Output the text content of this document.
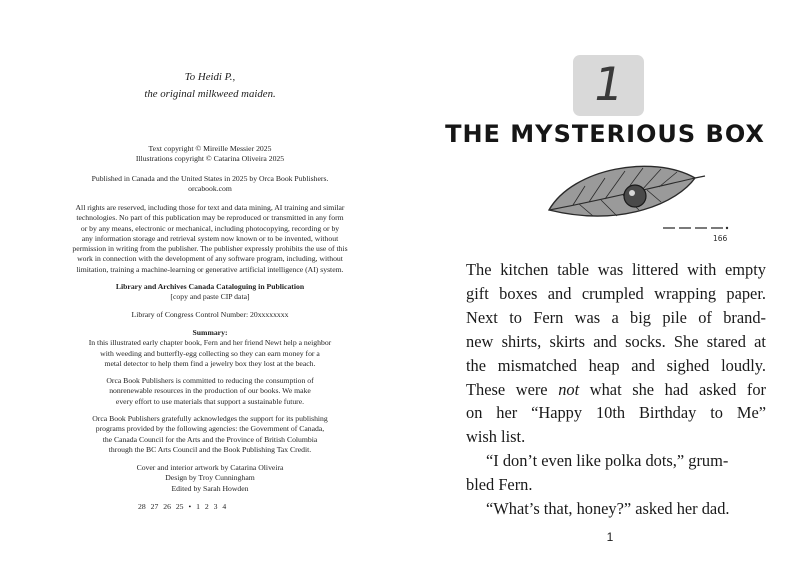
To Heidi P.,
the original milkweed maiden.
Text copyright © Mireille Messier 2025
Illustrations copyright © Catarina Oliveira 2025
Published in Canada and the United States in 2025 by Orca Book Publishers.
orcabook.com
All rights are reserved, including those for text and data mining, AI training and similar
technologies. No part of this publication may be reproduced or transmitted in any form
or by any means, electronic or mechanical, including photocopying, recording or by
any information storage and retrieval system now known or to be invented, without
permission in writing from the publisher. The publisher expressly prohibits the use of this
work in connection with the development of any software program, including, without
limitation, training a machine-learning or generative artificial intelligence (AI) system.
Library and Archives Canada Cataloguing in Publication
[copy and paste CIP data]
Library of Congress Control Number: 20xxxxxxxx
Summary:
In this illustrated early chapter book, Fern and her friend Newt help a neighbor
with weeding and butterfly-egg collecting so they can earn money for a
metal detector to help them find a jewelry box they lost at the beach.
Orca Book Publishers is committed to reducing the consumption of
nonrenewable resources in the production of our books. We make
every effort to use materials that support a sustainable future.
Orca Book Publishers gratefully acknowledges the support for its publishing
programs provided by the following agencies: the Government of Canada,
the Canada Council for the Arts and the Province of British Columbia
through the BC Arts Council and the Book Publishing Tax Credit.
Cover and interior artwork by Catarina Oliveira
Design by Troy Cunningham
Edited by Sarah Howden
28 27 26 25 • 1 2 3 4
1
THE MYSTERIOUS BOX
166
The kitchen table was littered with empty
gift boxes and crumpled wrapping paper.
Next to Fern was a big pile of brand-
new shirts, skirts and socks. She stared at
the mismatched heap and sighed loudly.
These were not what she had asked for
on her “Happy 10th Birthday to Me”
wish list.
“I don’t even like polka dots,” grum-
bled Fern.
“What’s that, honey?” asked her dad.
1
